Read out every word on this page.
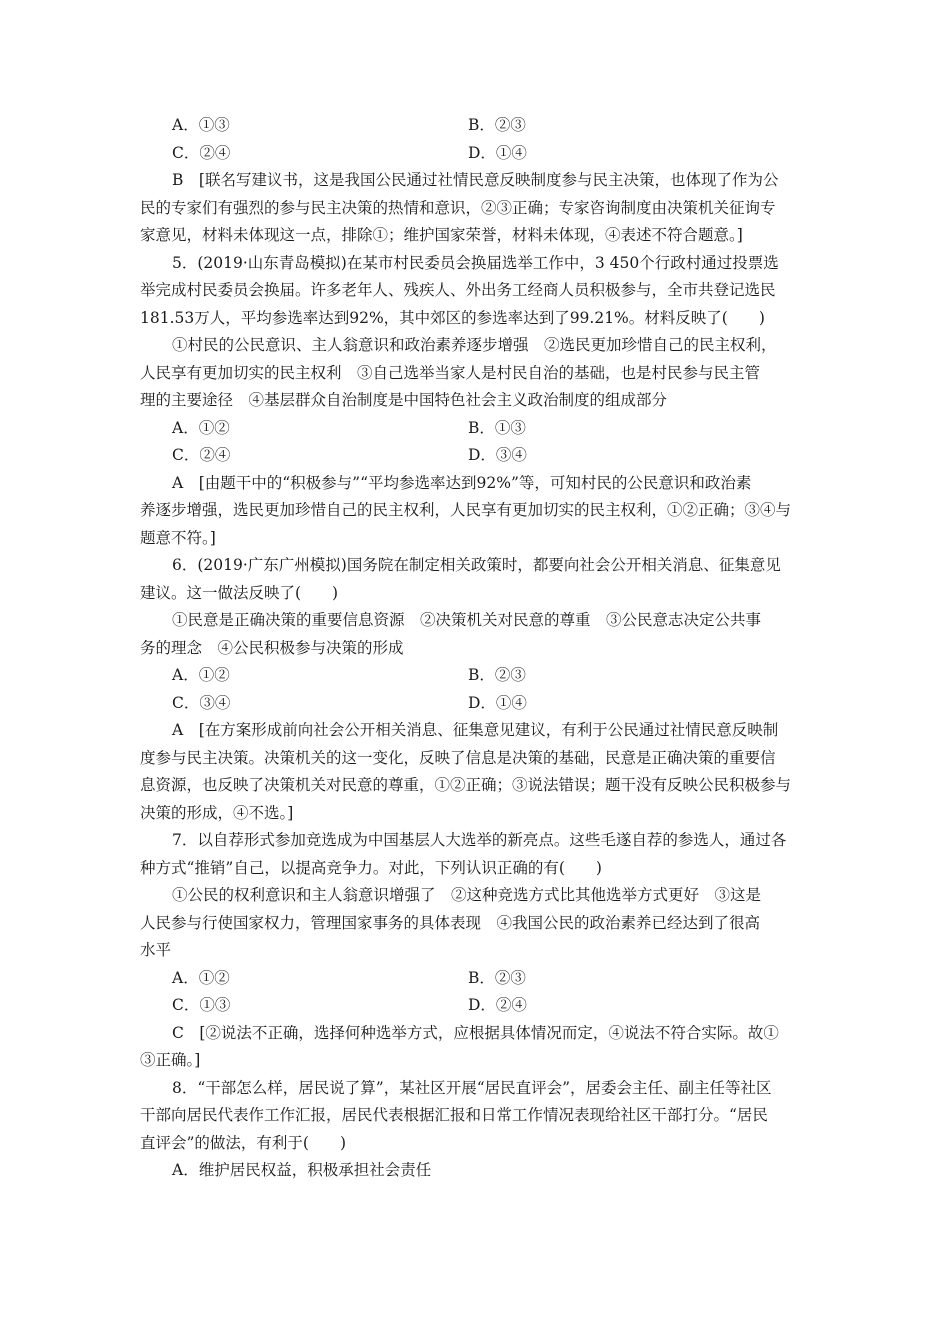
A．①③	B．②③
C．②④	D．①④
B　[联名写建议书，这是我国公民通过社情民意反映制度参与民主决策，也体现了作为公
民的专家们有强烈的参与民主决策的热情和意识，②③正确；专家咨询制度由决策机关征询专
家意见，材料未体现这一点，排除①；维护国家荣誉，材料未体现，④表述不符合题意。]
5．(2019·山东青岛模拟)在某市村民委员会换届选举工作中，3 450个行政村通过投票选
举完成村民委员会换届。许多老年人、残疾人、外出务工经商人员积极参与，全市共登记选民
181.53万人，平均参选率达到92%，其中郊区的参选率达到了99.21%。材料反映了(　　)
①村民的公民意识、主人翁意识和政治素养逐步增强　②选民更加珍惜自己的民主权利，
人民享有更加切实的民主权利　③自己选举当家人是村民自治的基础，也是村民参与民主管
理的主要途径　④基层群众自治制度是中国特色社会主义政治制度的组成部分
A．①②	B．①③
C．②④	D．③④
A　[由题干中的“积极参与”“平均参选率达到92%”等，可知村民的公民意识和政治素
养逐步增强，选民更加珍惜自己的民主权利，人民享有更加切实的民主权利，①②正确；③④与
题意不符。]
6．(2019·广东广州模拟)国务院在制定相关政策时，都要向社会公开相关消息、征集意见
建议。这一做法反映了(　　)
①民意是正确决策的重要信息资源　②决策机关对民意的尊重　③公民意志决定公共事
务的理念　④公民积极参与决策的形成
A．①②	B．②③
C．③④	D．①④
A　[在方案形成前向社会公开相关消息、征集意见建议，有利于公民通过社情民意反映制
度参与民主决策。决策机关的这一变化，反映了信息是决策的基础，民意是正确决策的重要信
息资源，也反映了决策机关对民意的尊重，①②正确；③说法错误；题干没有反映公民积极参与
决策的形成，④不选。]
7．以自荐形式参加竞选成为中国基层人大选举的新亮点。这些毛遂自荐的参选人，通过各
种方式“推销”自己，以提高竞争力。对此，下列认识正确的有(　　)
①公民的权利意识和主人翁意识增强了　②这种竞选方式比其他选举方式更好　③这是
人民参与行使国家权力，管理国家事务的具体表现　④我国公民的政治素养已经达到了很高
水平
A．①②	B．②③
C．①③	D．②④
C　[②说法不正确，选择何种选举方式，应根据具体情况而定，④说法不符合实际。故①
③正确。]
8．“干部怎么样，居民说了算”，某社区开展“居民直评会”，居委会主任、副主任等社区
干部向居民代表作工作汇报，居民代表根据汇报和日常工作情况表现给社区干部打分。“居民
直评会”的做法，有利于(　　)
A．维护居民权益，积极承担社会责任
